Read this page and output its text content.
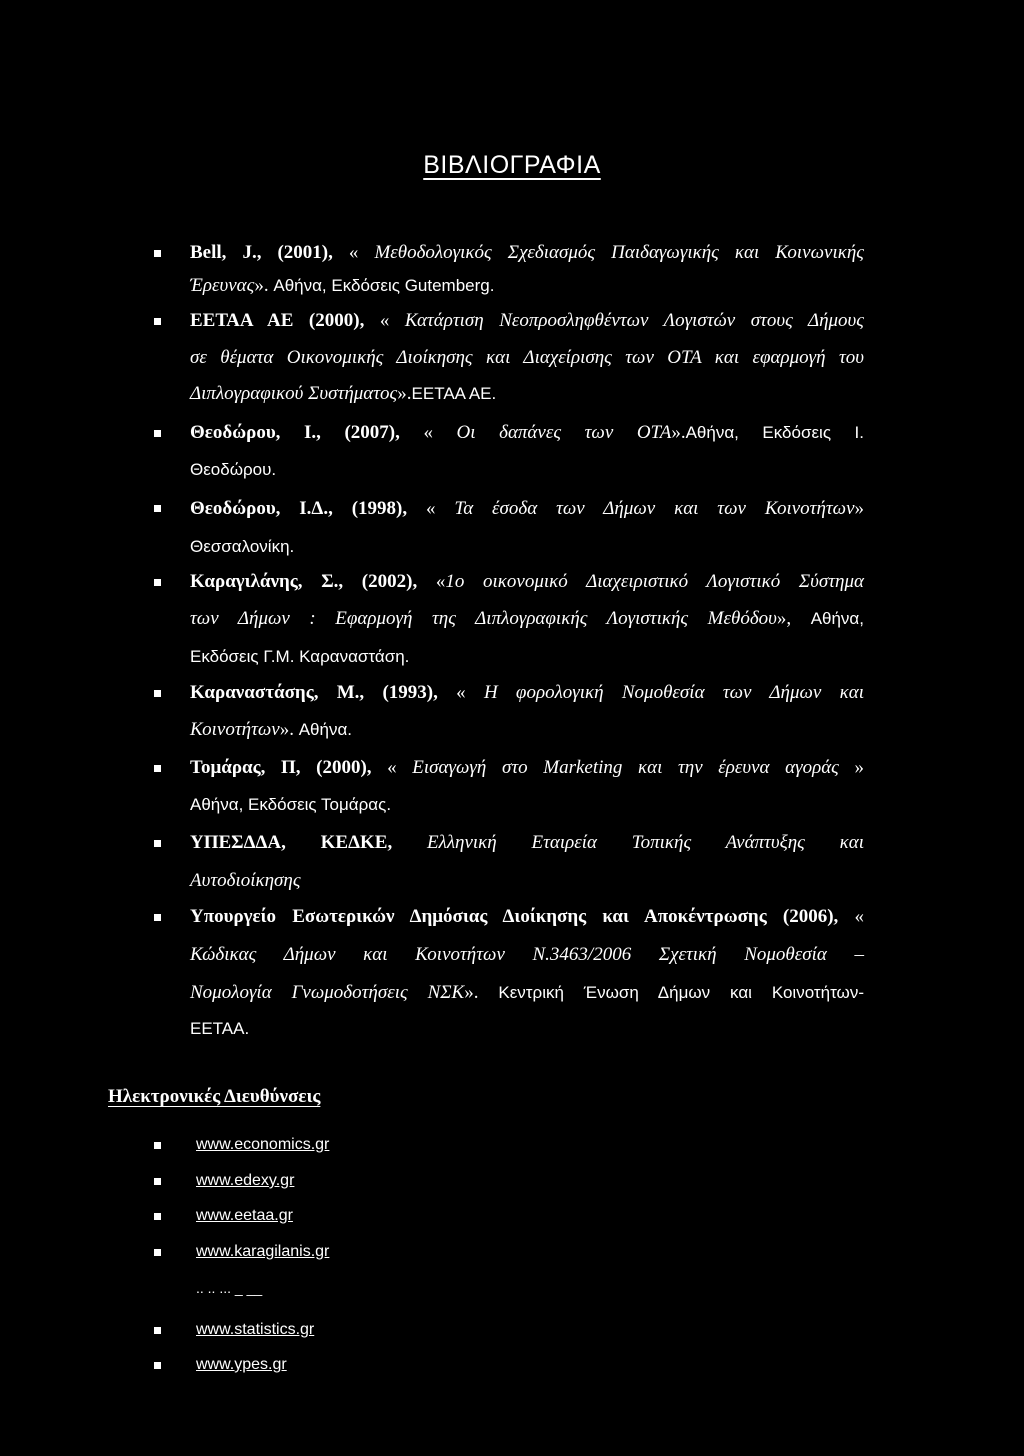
ΒΙΒΛΙΟΓΡΑΦΙΑ
Bell, J., (2001), « Μεθοδολογικός Σχεδιασμός Παιδαγωγικής και Κοινωνικής
Έρευνας». Αθήνα, Εκδόσεις Gutemberg.
ΕΕΤΑΑ ΑΕ (2000), « Κατάρτιση Νεοπροσληφθέντων Λογιστών στους Δήμους
σε θέματα Οικονομικής Διοίκησης και Διαχείρισης των ΟΤΑ και εφαρμογή του
Διπλογραφικού Συστήματος».ΕΕΤΑΑ ΑΕ.
Θεοδώρου, Ι., (2007), « Οι δαπάνες των ΟΤΑ».Αθήνα, Εκδόσεις Ι.
Θεοδώρου.
Θεοδώρου, Ι.Δ., (1998), « Τα έσοδα των Δήμων και των Κοινοτήτων»
Θεσσαλονίκη.
Καραγιλάνης, Σ., (2002), «1ο οικονομικό Διαχειριστικό Λογιστικό Σύστημα
των Δήμων : Εφαρμογή της Διπλογραφικής Λογιστικής Μεθόδου», Αθήνα,
Εκδόσεις Γ.Μ. Καραναστάση.
Καραναστάσης, Μ., (1993), « Η φορολογική Νομοθεσία των Δήμων και
Κοινοτήτων». Αθήνα.
Τομάρας, Π, (2000), « Εισαγωγή στο Marketing και την έρευνα αγοράς »
Αθήνα, Εκδόσεις Τομάρας.
ΥΠΕΣΔΔΑ, ΚΕΔΚΕ, Ελληνική Εταιρεία Τοπικής Ανάπτυξης και
Αυτοδιοίκησης
Υπουργείο Εσωτερικών Δημόσιας Διοίκησης και Αποκέντρωσης (2006), «
Κώδικας Δήμων και Κοινοτήτων Ν.3463/2006 Σχετική Νομοθεσία –
Νομολογία Γνωμοδοτήσεις ΝΣΚ». Κεντρική Ένωση Δήμων και Κοινοτήτων-
ΕΕΤΑΑ.
Ηλεκτρονικές Διευθύνσεις
www.economics.gr
www.edexy.gr
www.eetaa.gr
www.karagilanis.gr
.. .. ... _ __
www.statistics.gr
www.ypes.gr
